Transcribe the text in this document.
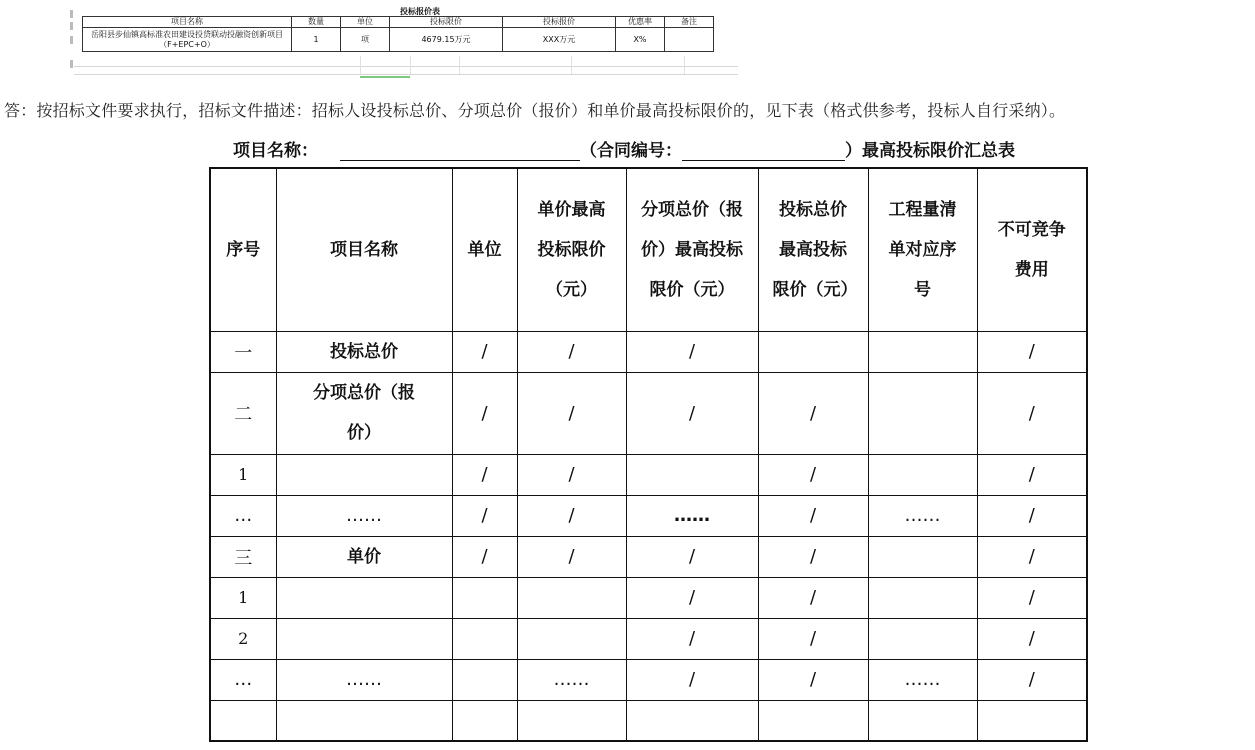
投标报价表
项目名称	数量	单位	投标限价	投标报价	优惠率	备注
岳阳县步仙镇高标准农田建设投贷联动投融资创新项目（F+EPC+O）	1	项	4679.15万元	XXX万元	X%	
答：按招标文件要求执行，招标文件描述：招标人设投标总价、分项总价（报价）和单价最高投标限价的，见下表（格式供参考，投标人自行采纳）。
项目名称：	（合同编号：	）最高投标限价汇总表
序号	项目名称	单位	单价最高投标限价（元）	分项总价（报价）最高投标限价（元）	投标总价最高投标限价（元）	工程量清单对应序号	不可竞争费用

一	投标总价	/	/	/			/
二	分项总价（报价）	/	/	/	/		/
1		/	/		/		/
…	……	/	/	……	/	……	/
三	单价	/	/	/	/		/
1				/	/		/
2				/	/		/
…	……		……	/	/	……	/
